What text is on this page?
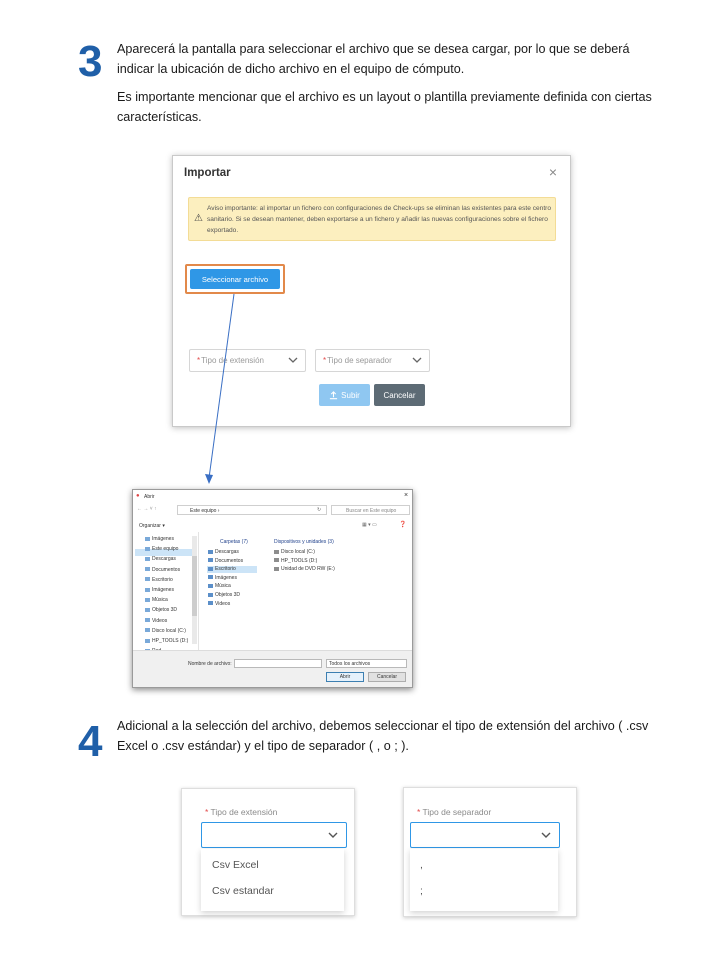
3 Aparecerá la pantalla para seleccionar el archivo que se desea cargar, por lo que se deberá indicar la ubicación de dicho archivo en el equipo de cómputo.
Es importante mencionar que el archivo es un layout o plantilla previamente definida con ciertas características.
Importar	×
⚠
Aviso importante: al importar un fichero con configuraciones de Check-ups se eliminan las existentes para este centro sanitario. Si se desean mantener, deben exportarse a un fichero y añadir las nuevas configuraciones sobre el fichero exportado.
Seleccionar archivo
* Tipo de extensión	* Tipo de separador
Subir	Cancelar
● Abrir	×
← → ˅ ↑	Este equipo ›	↻	Buscar en Este equipo
Organizar ▾	▦ ▾ ▭	❓
Imágenes
Este equipo
Descargas
Documentos
Escritorio
Imágenes
Música
Objetos 3D
Videos
Disco local (C:)
HP_TOOLS (D:)
Carpetas (7)
Descargas
Documentos
Escritorio
Imágenes
Música
Objetos 3D
Videos
Dispositivos y unidades (3)
Disco local (C:)
HP_TOOLS (D:)
Unidad de DVD RW (E:)
Nombre de archivo:	Todos los archivos
Abrir	Cancelar
4 Adicional a la selección del archivo, debemos seleccionar el tipo de extensión del archivo ( .csv Excel o .csv estándar) y el tipo de separador ( , o ; ).
* Tipo de extensión
Csv Excel
Csv estandar
* Tipo de separador
,
;
